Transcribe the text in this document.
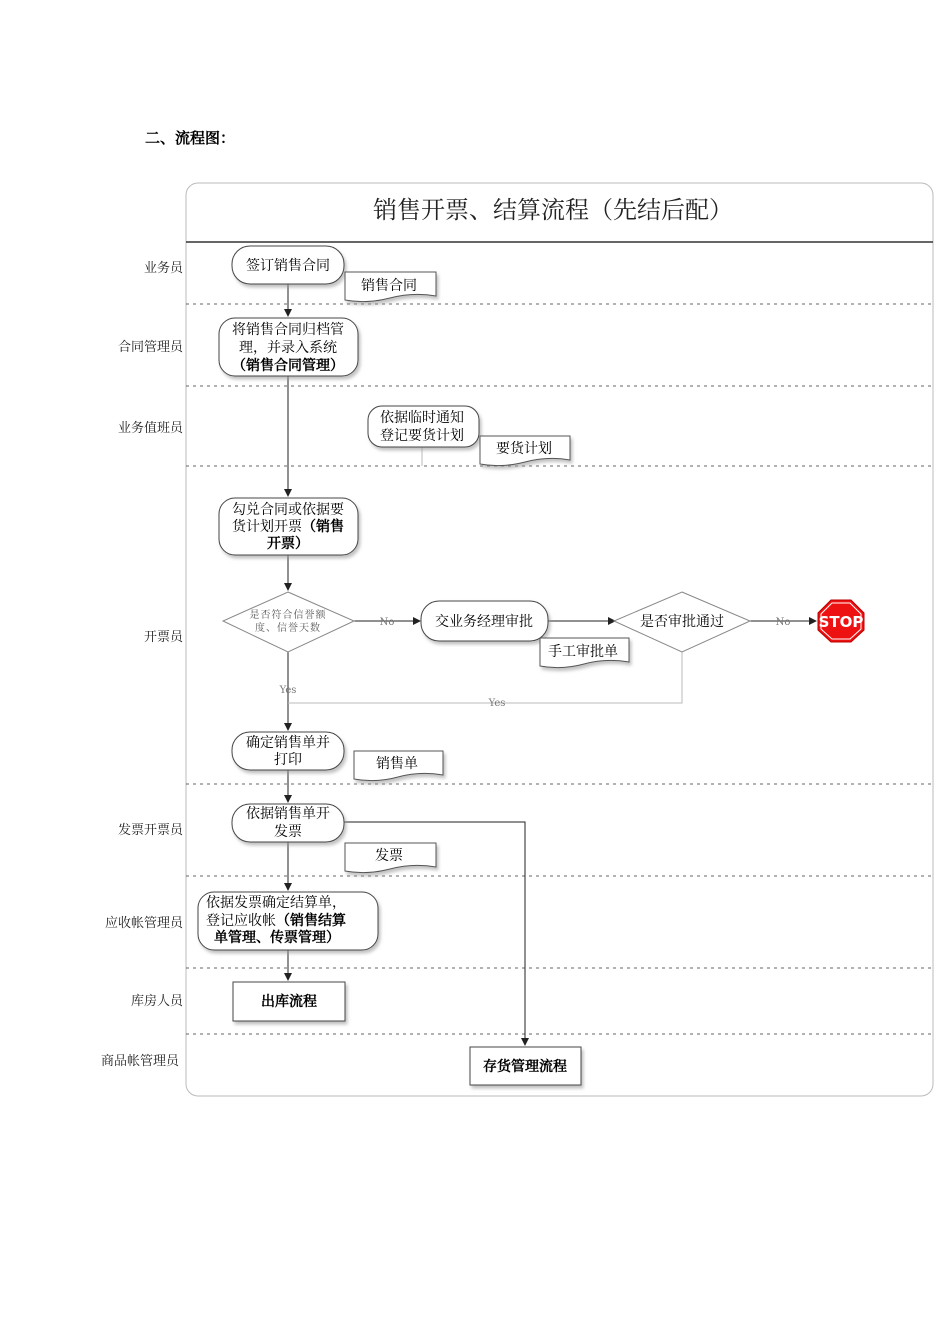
二、流程图：
销售开票、结算流程（先结后配）
业务员
合同管理员
业务值班员
开票员
发票开票员
应收帐管理员
库房人员
商品帐管理员
No	No
Yes
Yes
签订销售合同
将销售合同归档管
理，并录入系统
（销售合同管理）
依据临时通知
登记要货计划
勾兑合同或依据要
货计划开票（销售
开票）
是否符合信誉额
度、信誉天数	交业务经理审批	是否审批通过	STOP
确定销售单并
打印
依据销售单开
发票
依据发票确定结算单，
登记应收帐（销售结算
单管理、传票管理）
出库流程
存货管理流程
销售合同
要货计划
手工审批单
销售单
发票
